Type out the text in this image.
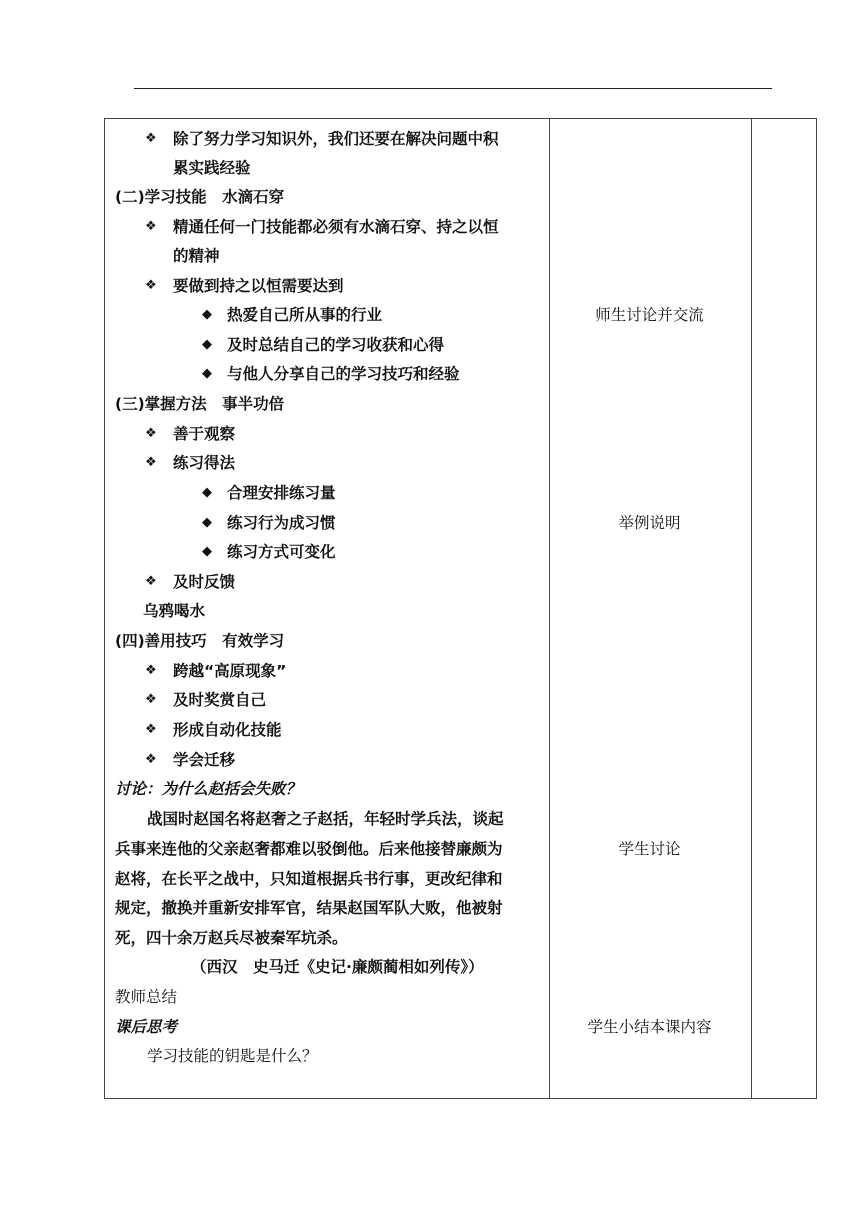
❖ 除了努力学习知识外，我们还要在解决问题中积
累实践经验
(二)学习技能　水滴石穿
❖ 精通任何一门技能都必须有水滴石穿、持之以恒
的精神
❖ 要做到持之以恒需要达到
◆ 热爱自己所从事的行业
◆ 及时总结自己的学习收获和心得
◆ 与他人分享自己的学习技巧和经验
(三)掌握方法　事半功倍
❖ 善于观察
❖ 练习得法
◆ 合理安排练习量
◆ 练习行为成习惯
◆ 练习方式可变化
❖ 及时反馈
乌鸦喝水
(四)善用技巧　有效学习
❖ 跨越“高原现象”
❖ 及时奖赏自己
❖ 形成自动化技能
❖ 学会迁移
讨论：为什么赵括会失败？
战国时赵国名将赵奢之子赵括，年轻时学兵法，谈起
兵事来连他的父亲赵奢都难以驳倒他。后来他接替廉颇为
赵将，在长平之战中，只知道根据兵书行事，更改纪律和
规定，撤换并重新安排军官，结果赵国军队大败，他被射
死，四十余万赵兵尽被秦军坑杀。
（西汉　史马迁《史记·廉颇蔺相如列传》）
教师总结
课后思考
学习技能的钥匙是什么？
师生讨论并交流
举例说明
学生讨论
学生小结本课内容
